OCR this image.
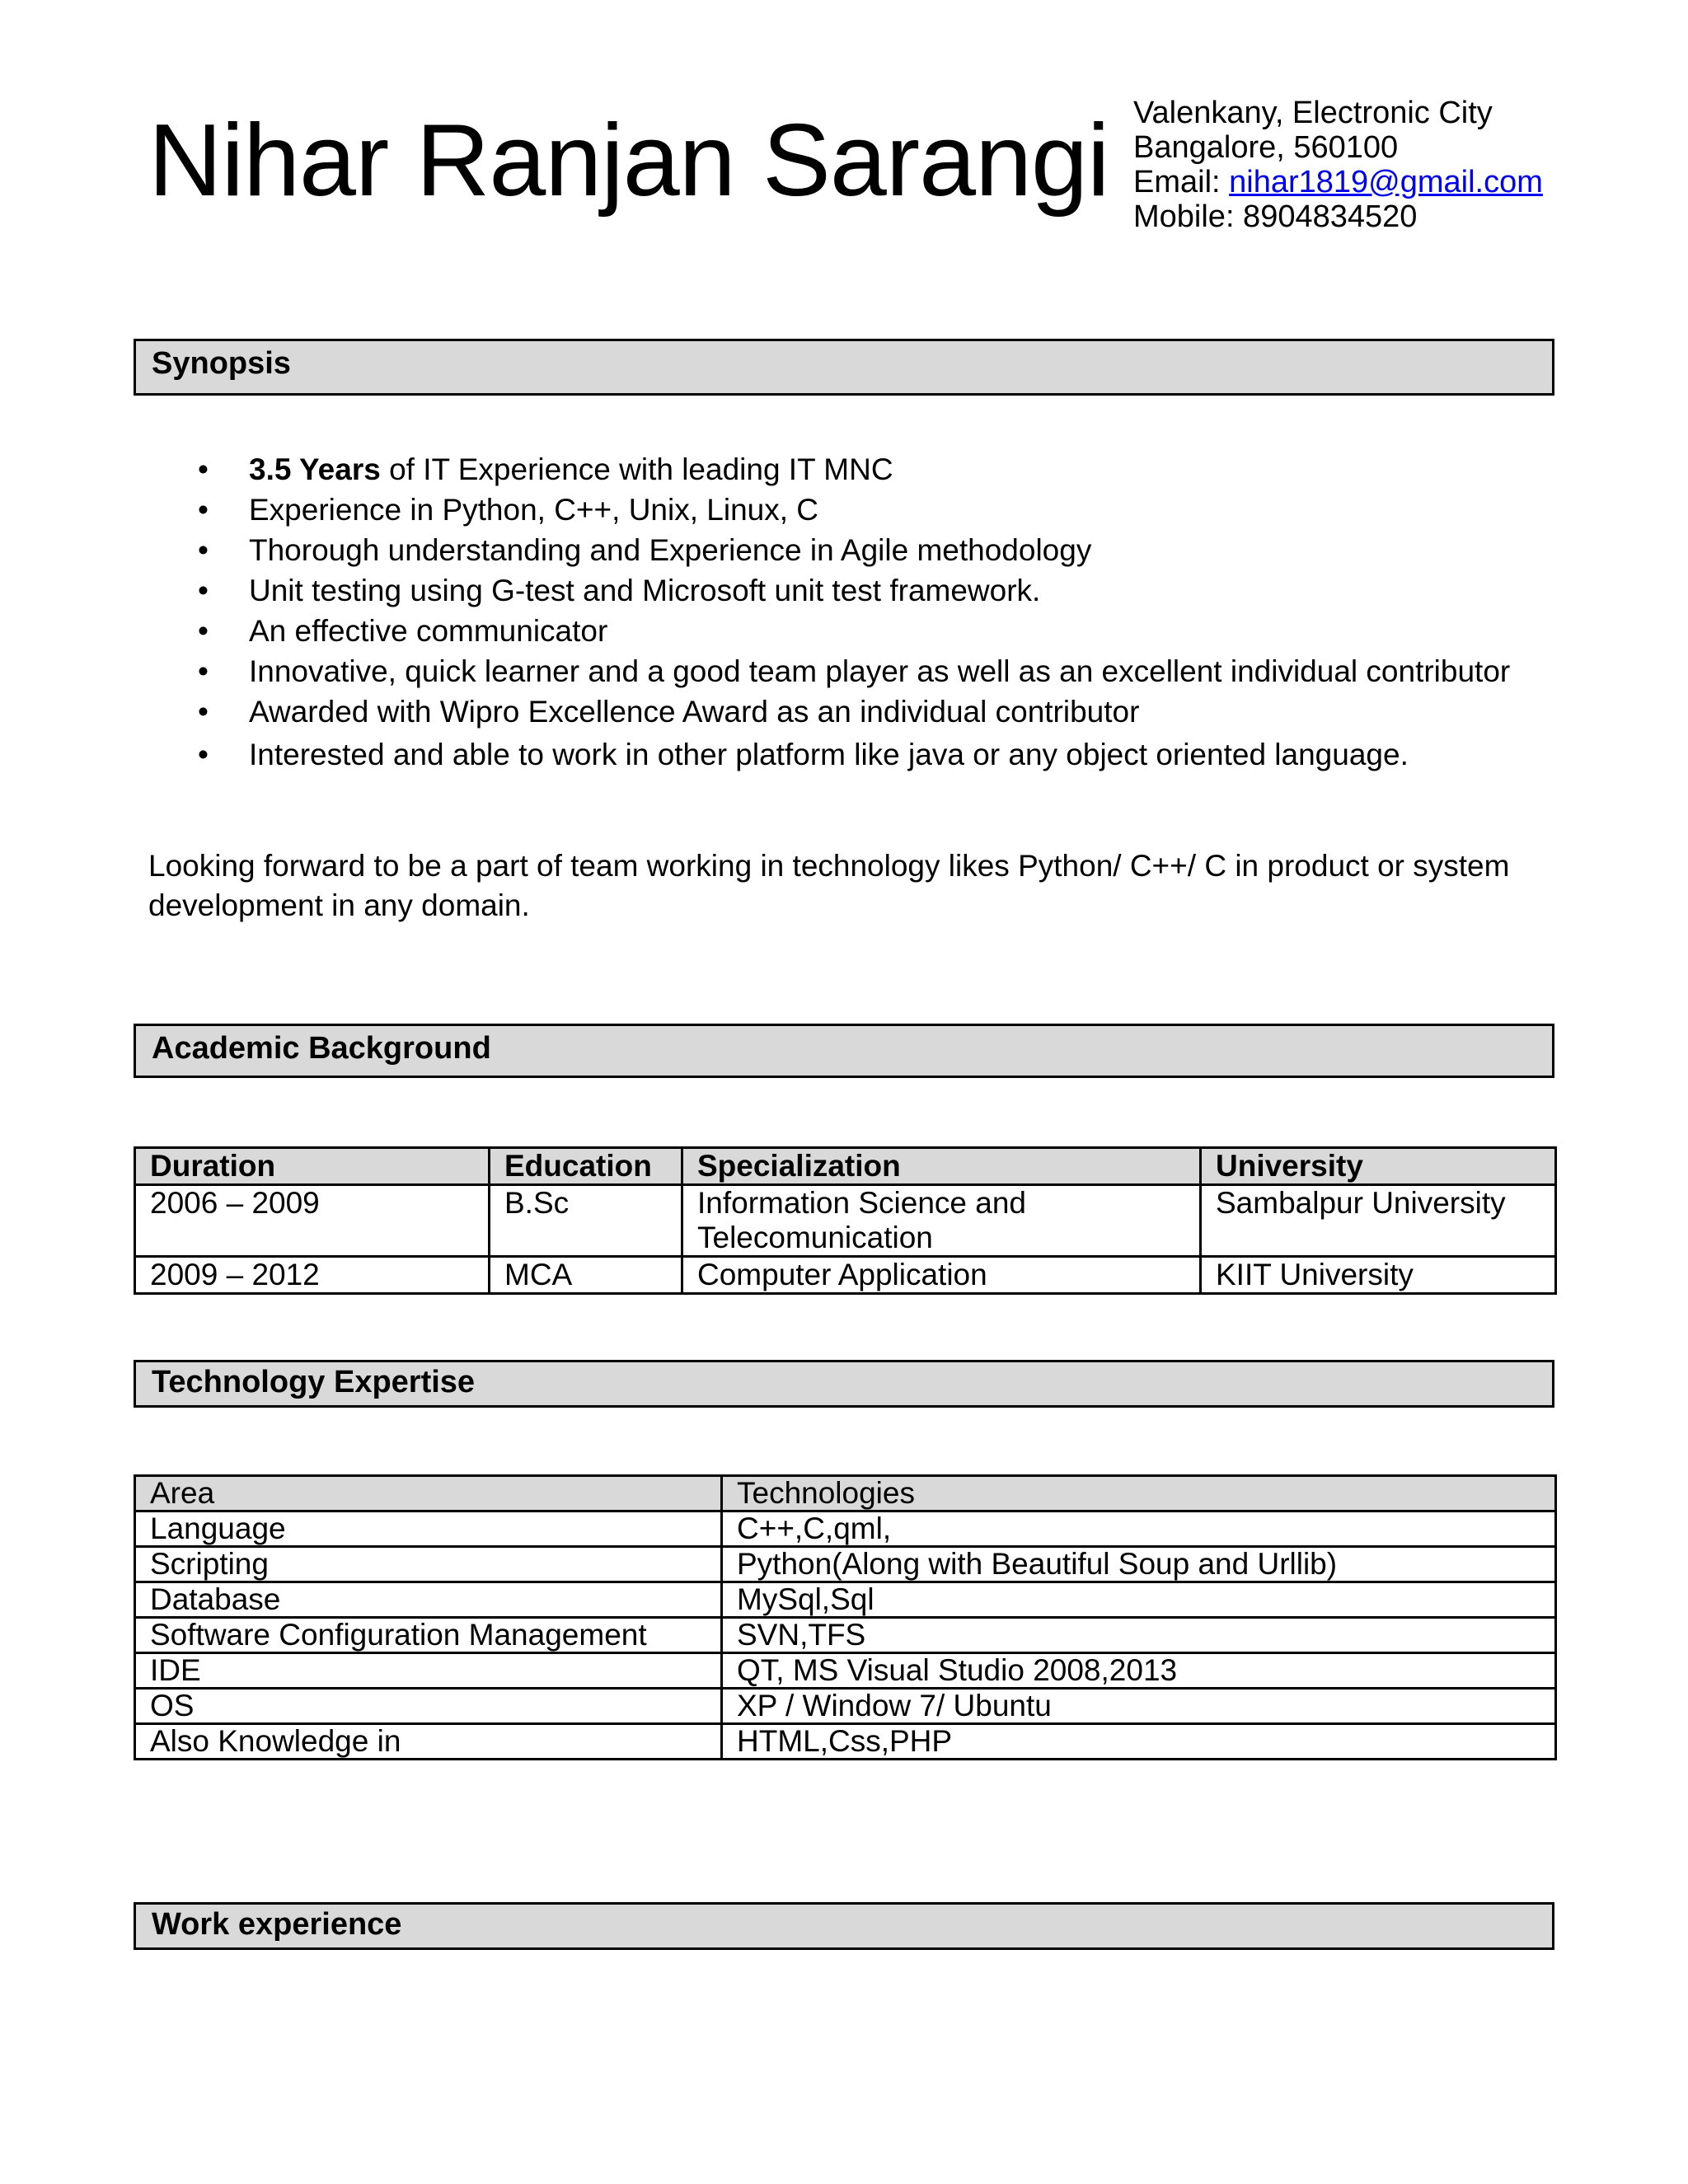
Nihar Ranjan Sarangi Valenkany, Electronic City
Bangalore, 560100
Email: nihar1819@gmail.com
Mobile: 8904834520
Synopsis
• 3.5 Years of IT Experience with leading IT MNC
• Experience in Python, C++, Unix, Linux, C
• Thorough understanding and Experience in Agile methodology
• Unit testing using G-test and Microsoft unit test framework.
• An effective communicator
• Innovative, quick learner and a good team player as well as an excellent individual contributor
• Awarded with Wipro Excellence Award as an individual contributor
• Interested and able to work in other platform like java or any object oriented language.
Looking forward to be a part of team working in technology likes Python/ C++/ C in product or system development in any domain.
Academic Background
Duration	Education	Specialization	University
2006 – 2009	B.Sc	Information Science and Telecomunication	Sambalpur University
2009 – 2012	MCA	Computer Application	KIIT University
Technology Expertise
Area	Technologies
Language	C++,C,qml,
Scripting	Python(Along with Beautiful Soup and Urllib)
Database	MySql,Sql
Software Configuration Management	SVN,TFS
IDE	QT, MS Visual Studio 2008,2013
OS	XP / Window 7/ Ubuntu
Also Knowledge in	HTML,Css,PHP
Work experience
